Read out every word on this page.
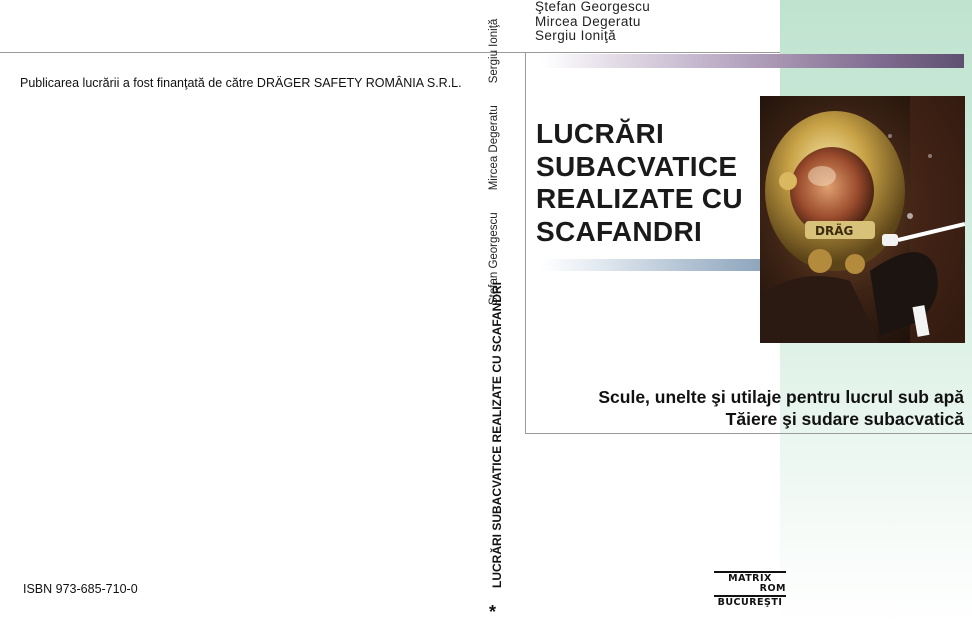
Ştefan Georgescu
Mircea Degeratu
Sergiu Ioniţă
LUCRĂRI
SUBACVATICE
REALIZATE CU
SCAFANDRI	DRÄG
Scule, unelte şi utilaje pentru lucrul sub apă
Tăiere şi sudare subacvatică
Publicarea lucrării a fost finanţată de către DRÄGER SAFETY ROMÂNIA S.R.L.
ISBN 973-685-710-0
Ştefan Georgescu
Mircea Degeratu
Sergiu Ioniţă
LUCRĂRI SUBACVATICE REALIZATE CU SCAFANDRI
*
MATRIX
ROM
BUCUREŞTI
